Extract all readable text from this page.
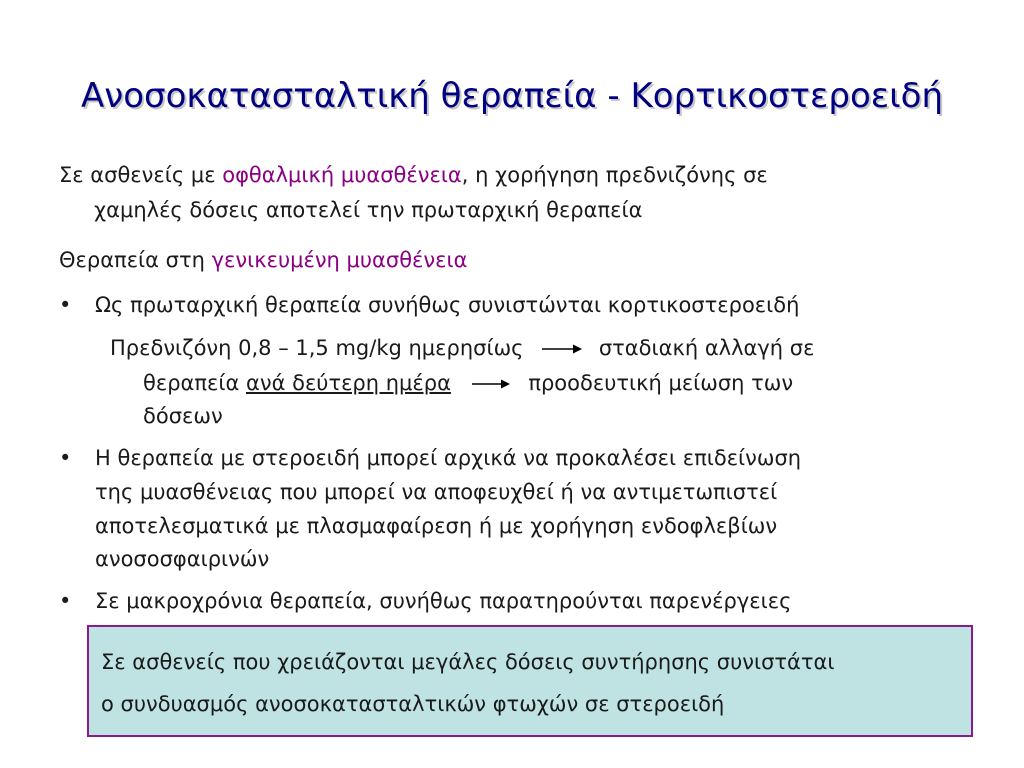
Ανοσοκατασταλτική θεραπεία - Κορτικοστεροειδή
Σε ασθενείς με οφθαλμική μυασθένεια, η χορήγηση πρεδνιζόνης σε
χαμηλές δόσεις αποτελεί την πρωταρχική θεραπεία
Θεραπεία στη γενικευμένη μυασθένεια
• Ως πρωταρχική θεραπεία συνήθως συνιστώνται κορτικοστεροειδή
Πρεδνιζόνη 0,8 – 1,5 mg/kg ημερησίως	σταδιακή αλλαγή σε
θεραπεία ανά δεύτερη ημέρα	προοδευτική μείωση των
δόσεων
• Η θεραπεία με στεροειδή μπορεί αρχικά να προκαλέσει επιδείνωση
της μυασθένειας που μπορεί να αποφευχθεί ή να αντιμετωπιστεί
αποτελεσματικά με πλασμαφαίρεση ή με χορήγηση ενδοφλεβίων
ανοσοσφαιρινών
• Σε μακροχρόνια θεραπεία, συνήθως παρατηρούνται παρενέργειες
Σε ασθενείς που χρειάζονται μεγάλες δόσεις συντήρησης συνιστάται
ο συνδυασμός ανοσοκατασταλτικών φτωχών σε στεροειδή
